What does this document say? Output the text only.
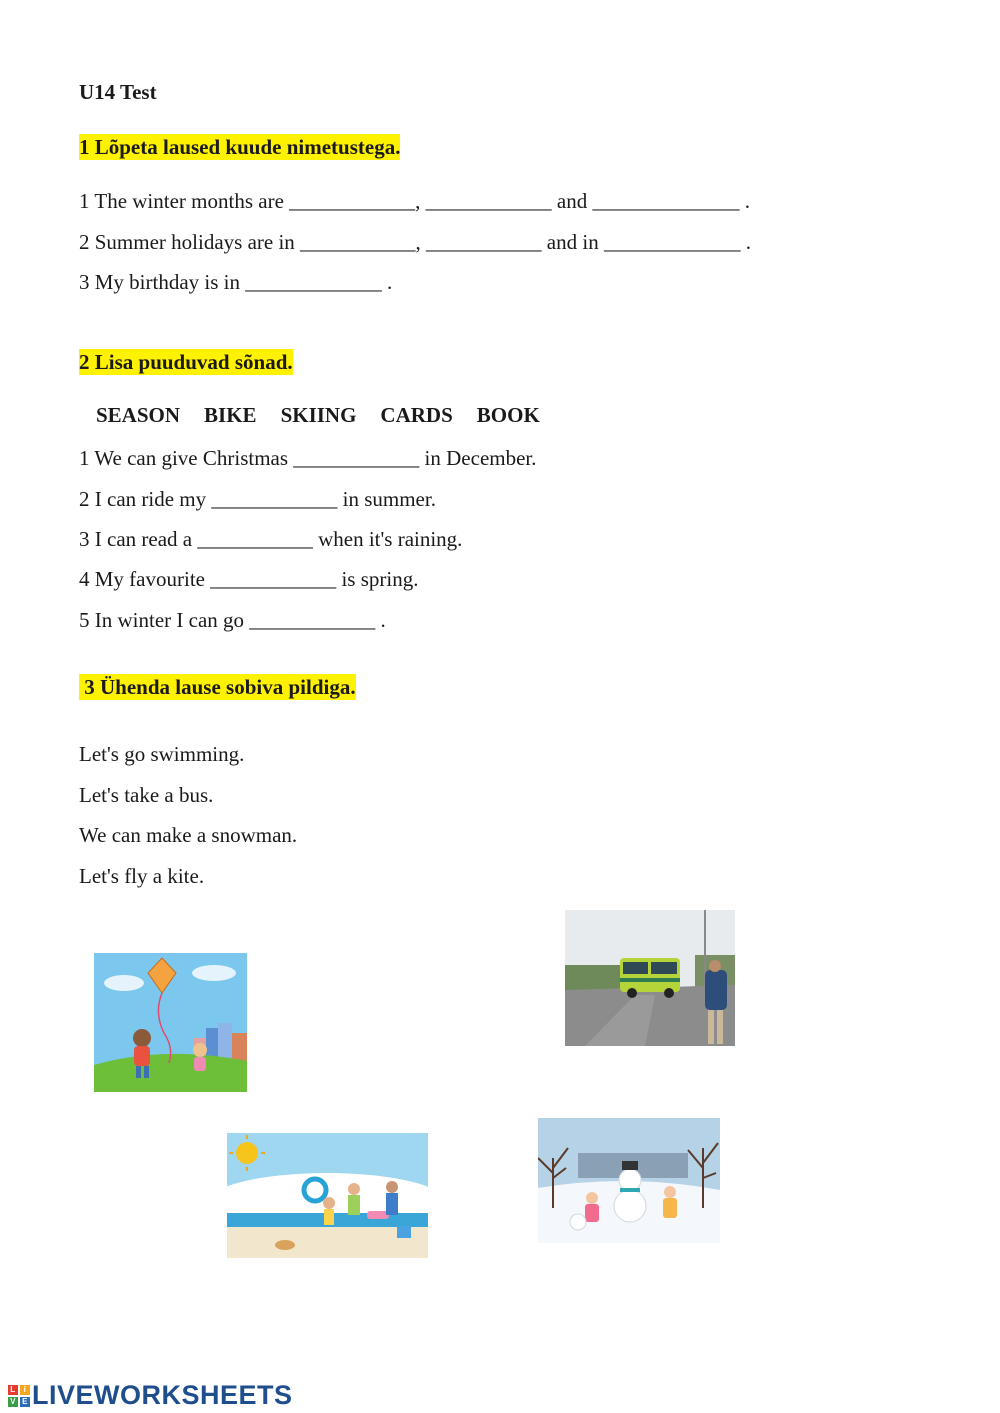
U14 Test
1 Lõpeta laused kuude nimetustega.
1 The winter months are ____________, ____________ and ______________ .
2 Summer holidays are in ___________, ___________ and in _____________ .
3 My birthday is in _____________ .
2 Lisa puuduvad sõnad.
SEASON BIKE SKIING CARDS BOOK
1 We can give Christmas ____________ in December.
2 I can ride my ____________ in summer.
3 I can read a ___________ when it's raining.
4 My favourite ____________ is spring.
5 In winter I can go ____________ .
3 Ühenda lause sobiva pildiga.
Let's go swimming.
Let's take a bus.
We can make a snowman.
Let's fly a kite.
L i
V E LIVEWORKSHEETS
